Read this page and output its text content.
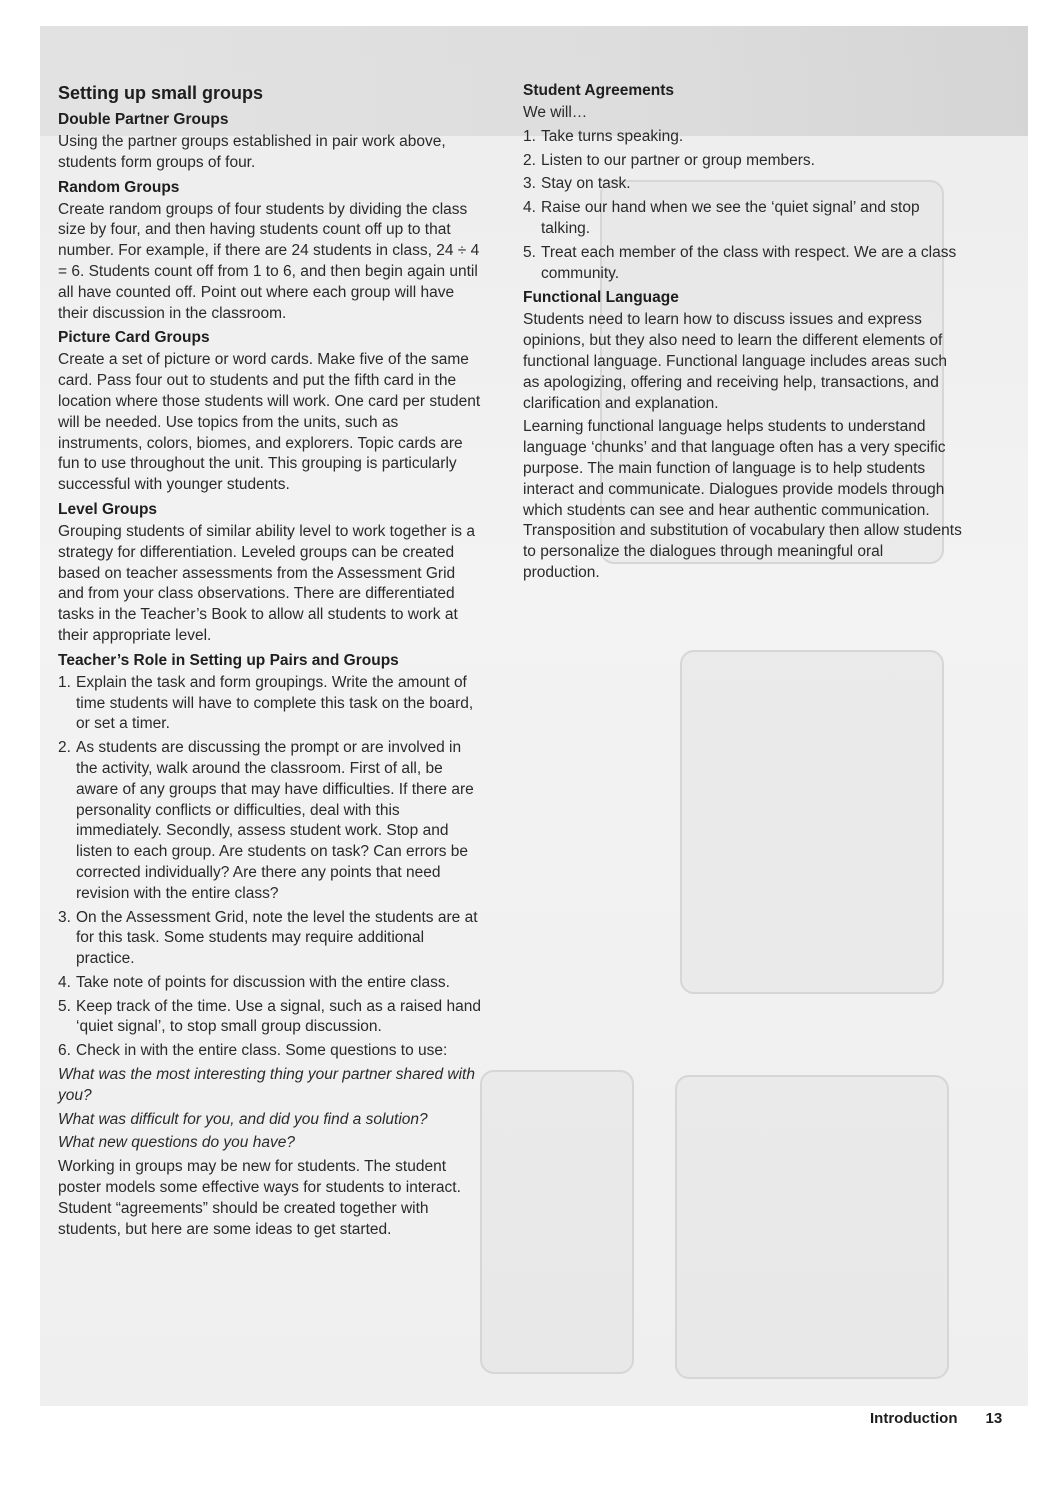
Setting up small groups
Double Partner Groups

Using the partner groups established in pair work above, students form groups of four.

Random Groups

Create random groups of four students by dividing the class size by four, and then having students count off up to that number. For example, if there are 24 students in class, 24 ÷ 4 = 6. Students count off from 1 to 6, and then begin again until all have counted off. Point out where each group will have their discussion in the classroom.

Picture Card Groups

Create a set of picture or word cards. Make five of the same card. Pass four out to students and put the fifth card in the location where those students will work. One card per student will be needed. Use topics from the units, such as instruments, colors, biomes, and explorers. Topic cards are fun to use throughout the unit. This grouping is particularly successful with younger students.

Level Groups

Grouping students of similar ability level to work together is a strategy for differentiation. Leveled groups can be created based on teacher assessments from the Assessment Grid and from your class observations. There are differentiated tasks in the Teacher’s Book to allow all students to work at their appropriate level.

Teacher’s Role in Setting up Pairs and Groups
1. Explain the task and form groupings. Write the amount of time students will have to complete this task on the board, or set a timer.
2. As students are discussing the prompt or are involved in the activity, walk around the classroom. First of all, be aware of any groups that may have difficulties. If there are personality conflicts or difficulties, deal with this immediately. Secondly, assess student work. Stop and listen to each group. Are students on task? Can errors be corrected individually? Are there any points that need revision with the entire class?
3. On the Assessment Grid, note the level the students are at for this task. Some students may require additional practice.
4. Take note of points for discussion with the entire class.
5. Keep track of the time. Use a signal, such as a raised hand ‘quiet signal’, to stop small group discussion.
6. Check in with the entire class. Some questions to use:

What was the most interesting thing your partner shared with you?

What was difficult for you, and did you find a solution?

What new questions do you have?

Working in groups may be new for students. The student poster models some effective ways for students to interact. Student “agreements” should be created together with students, but here are some ideas to get started.

Student Agreements

We will…

1. Take turns speaking.
2. Listen to our partner or group members.
3. Stay on task.
4. Raise our hand when we see the ‘quiet signal’ and stop talking.
5. Treat each member of the class with respect. We are a class community.
Functional Language

Students need to learn how to discuss issues and express opinions, but they also need to learn the different elements of functional language. Functional language includes areas such as apologizing, offering and receiving help, transactions, and clarification and explanation.

Learning functional language helps students to understand language ‘chunks’ and that language often has a very specific purpose. The main function of language is to help students interact and communicate. Dialogues provide models through which students can see and hear authentic communication. Transposition and substitution of vocabulary then allow students to personalize the dialogues through meaningful oral production.

Introduction 13
